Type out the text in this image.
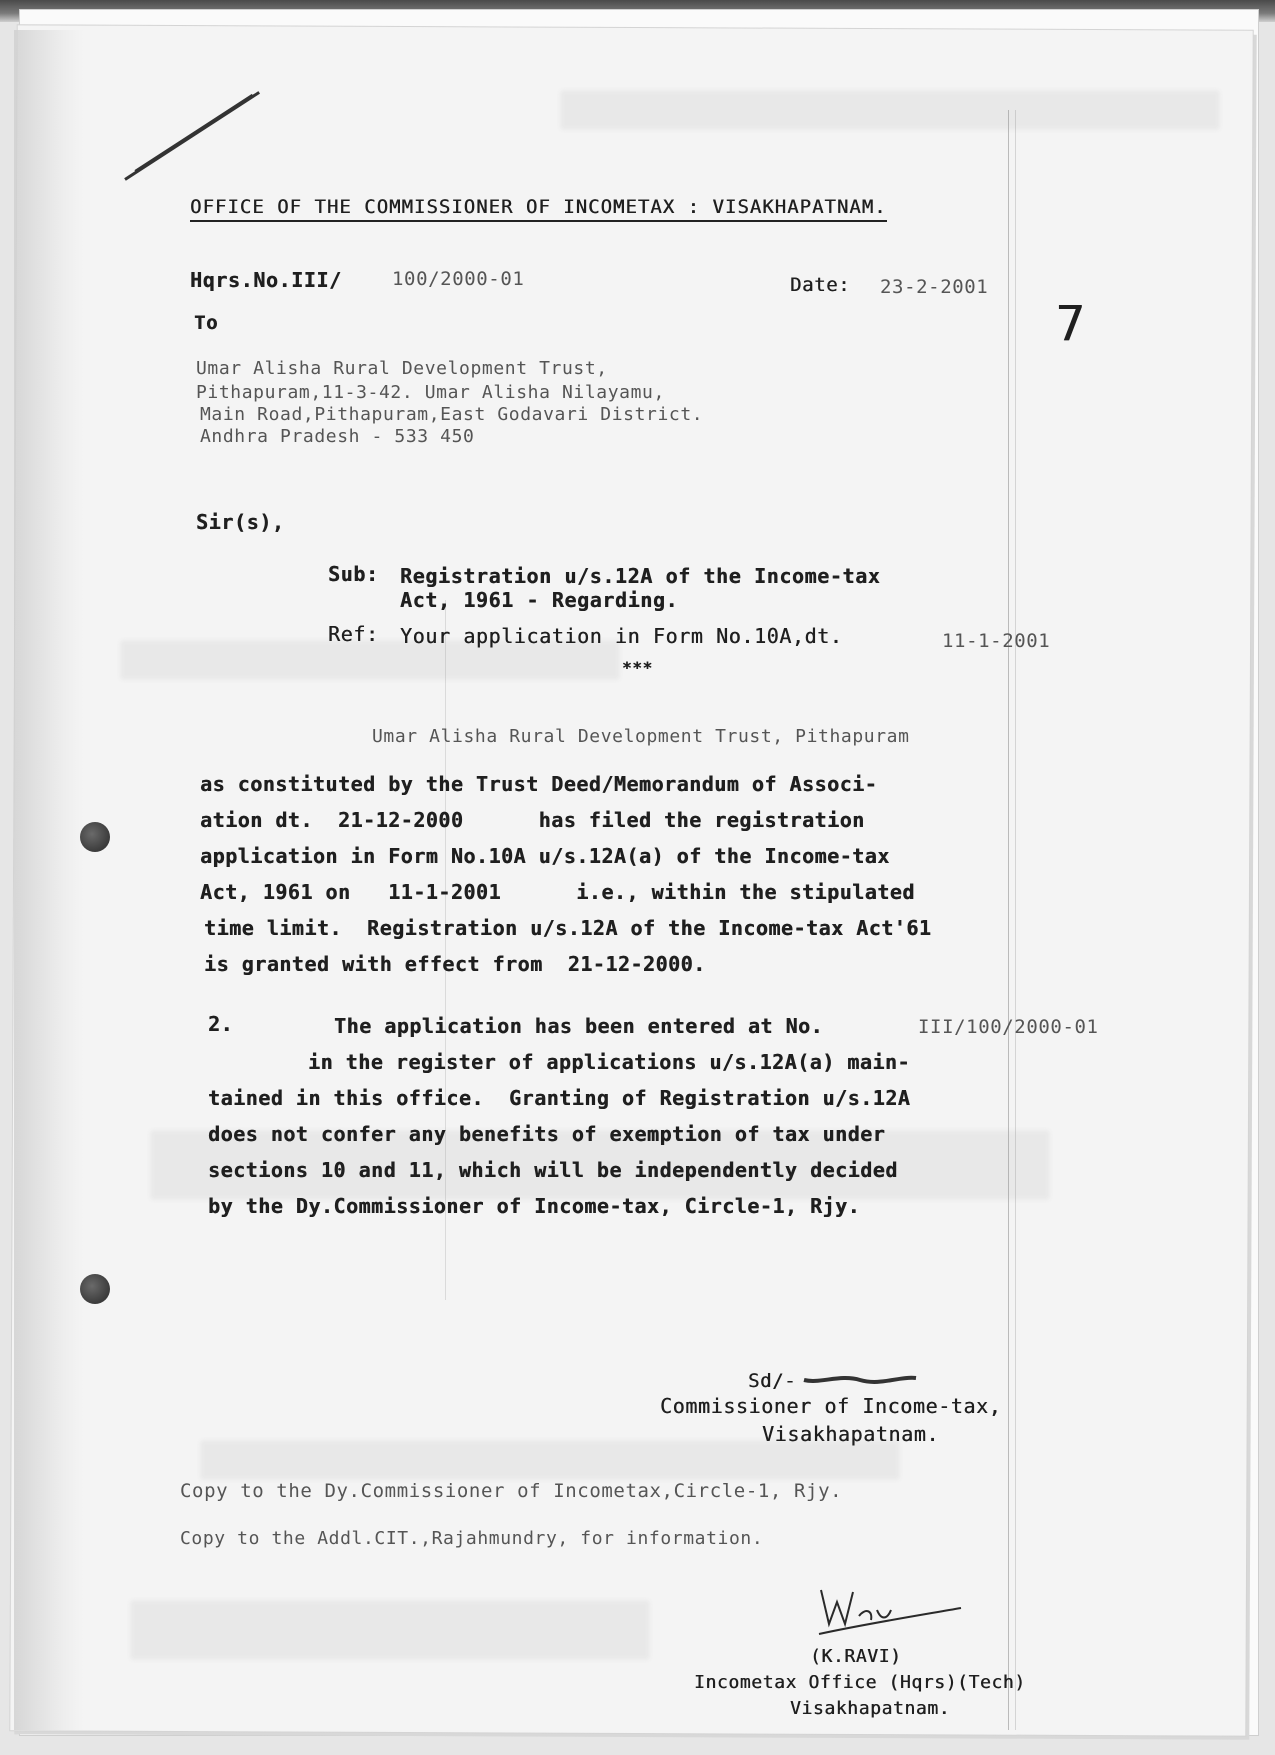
OFFICE OF THE COMMISSIONER OF INCOMETAX : VISAKHAPATNAM.
Hqrs.No.III/	100/2000-01	Date: 23-2-2001
7
To
Umar Alisha Rural Development Trust,
Pithapuram,11-3-42. Umar Alisha Nilayamu,
Main Road,Pithapuram,East Godavari District.
Andhra Pradesh - 533 450
Sir(s),
Sub: Registration u/s.12A of the Income-tax
Act, 1961 - Regarding.
Ref: Your application in Form No.10A,dt.	11-1-2001
***
Umar Alisha Rural Development Trust, Pithapuram
as constituted by the Trust Deed/Memorandum of Associ-
ation dt.  21-12-2000      has filed the registration
application in Form No.10A u/s.12A(a) of the Income-tax
Act, 1961 on   11-1-2001      i.e., within the stipulated
time limit.  Registration u/s.12A of the Income-tax Act'61
is granted with effect from  21-12-2000.
2.	The application has been entered at No.	III/100/2000-01
in the register of applications u/s.12A(a) main-
tained in this office.  Granting of Registration u/s.12A
does not confer any benefits of exemption of tax under
sections 10 and 11, which will be independently decided
by the Dy.Commissioner of Income-tax, Circle-1, Rjy.
Sd/-
Commissioner of Income-tax,
Visakhapatnam.
Copy to the Dy.Commissioner of Incometax,Circle-1, Rjy.
Copy to the Addl.CIT.,Rajahmundry, for information.
(K.RAVI)
Incometax Office (Hqrs)(Tech)
Visakhapatnam.
